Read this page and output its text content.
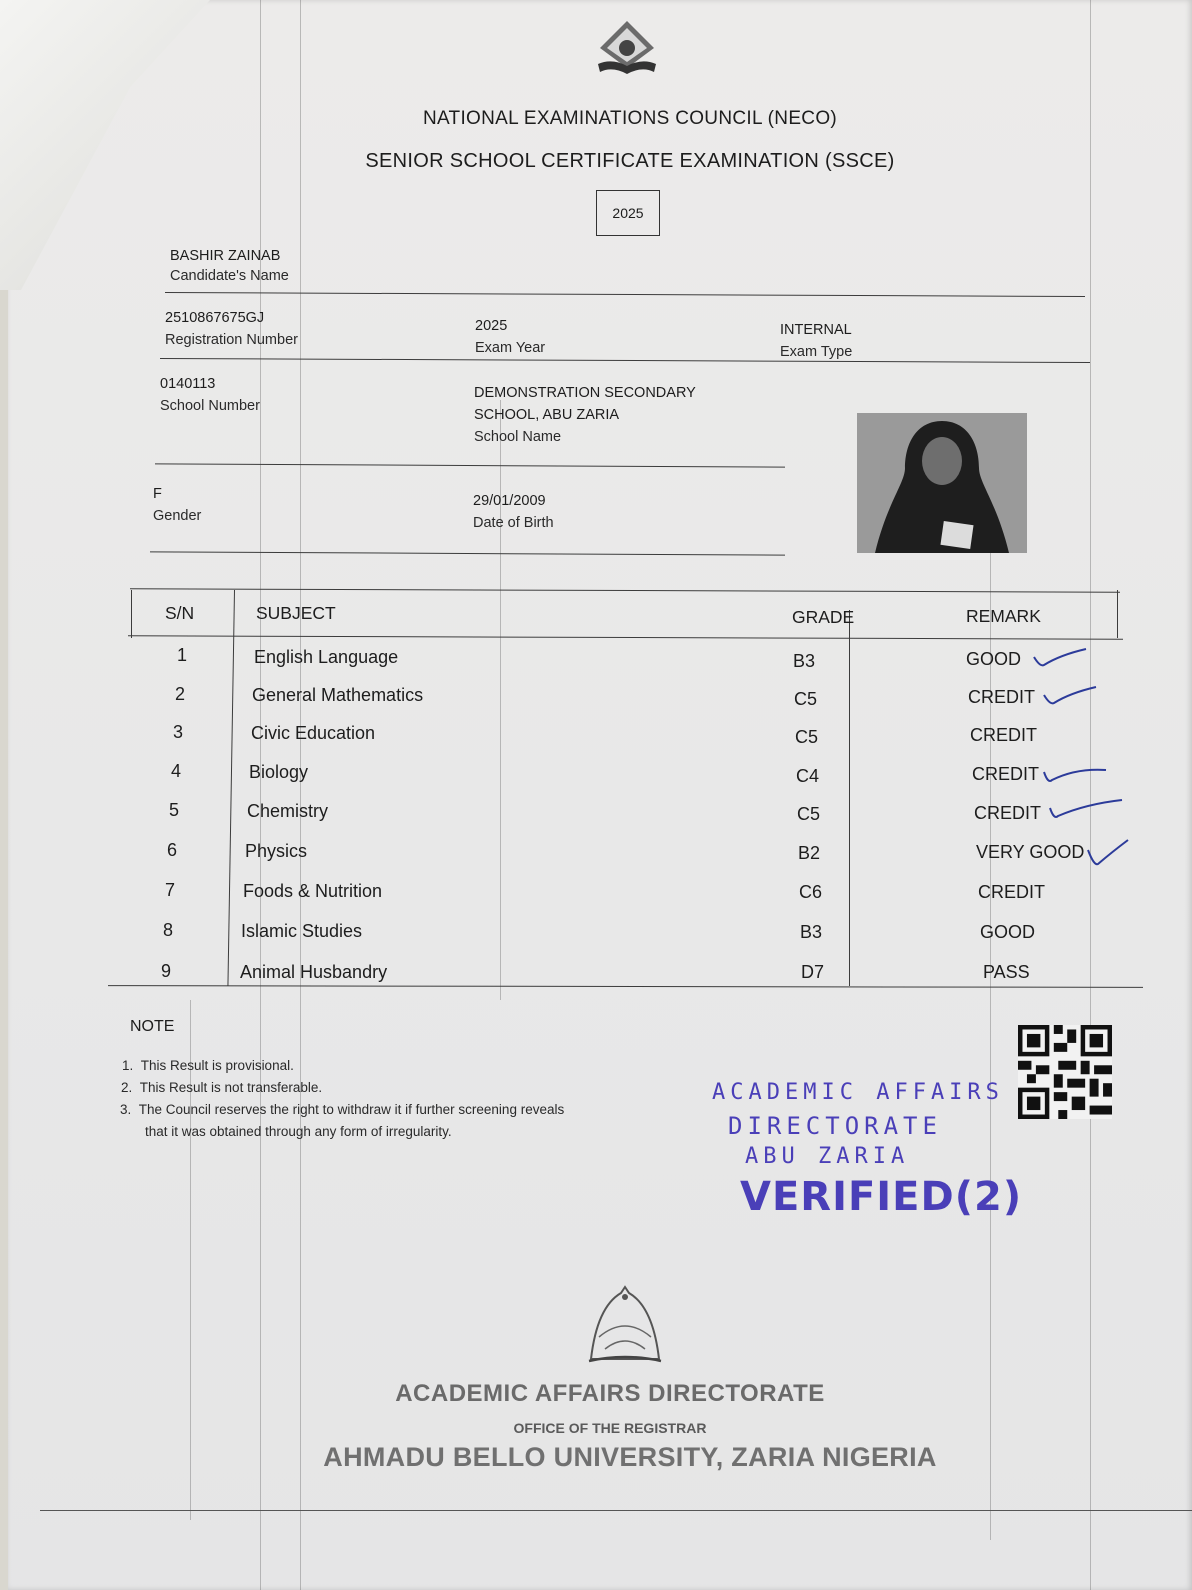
NATIONAL EXAMINATIONS COUNCIL (NECO)
SENIOR SCHOOL CERTIFICATE EXAMINATION (SSCE)
2025
BASHIR ZAINAB
Candidate's Name
2510867675GJ
Registration Number
2025
Exam Year
INTERNAL
Exam Type
0140113
School Number
DEMONSTRATION SECONDARY
SCHOOL, ABU ZARIA
School Name
F
Gender
29/01/2009
Date of Birth
S/N	SUBJECT	GRADE	REMARK
1	English Language	B3	GOOD
2	General Mathematics	C5	CREDIT
3	Civic Education	C5	CREDIT
4	Biology	C4	CREDIT
5	Chemistry	C5	CREDIT
6	Physics	B2	VERY GOOD
7	Foods & Nutrition	C6	CREDIT
8	Islamic Studies	B3	GOOD
9	Animal Husbandry	D7	PASS
NOTE
1. This Result is provisional.
2. This Result is not transferable.
3. The Council reserves the right to withdraw it if further screening reveals
that it was obtained through any form of irregularity.
ACADEMIC AFFAIRS
DIRECTORATE
ABU ZARIA
VERIFIED(2)
ACADEMIC AFFAIRS DIRECTORATE
OFFICE OF THE REGISTRAR
AHMADU BELLO UNIVERSITY, ZARIA NIGERIA
